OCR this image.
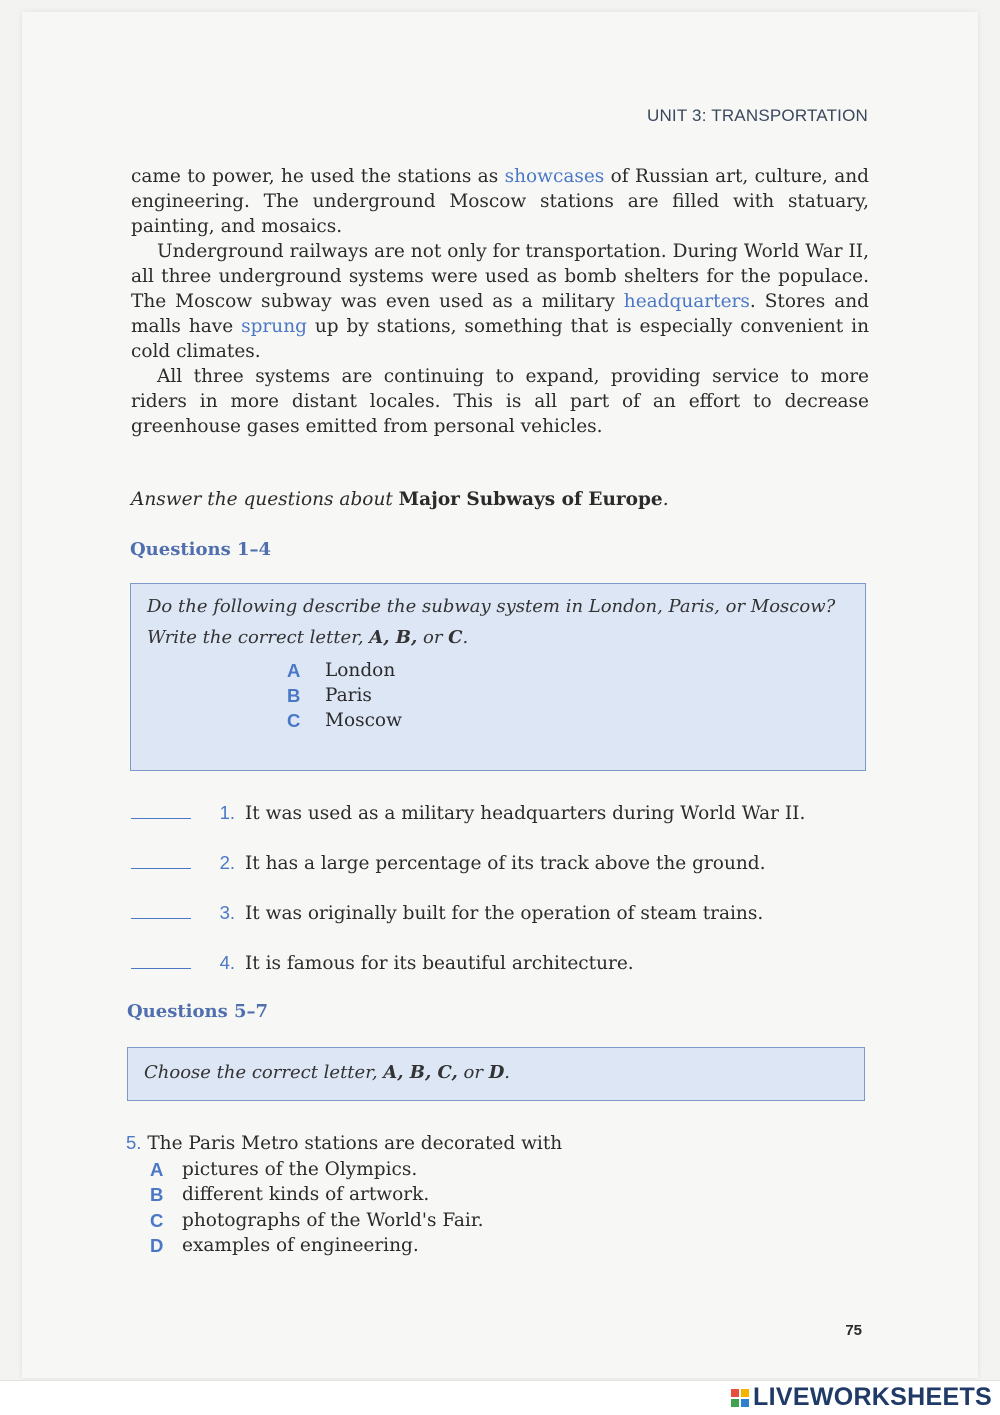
UNIT 3: TRANSPORTATION

came to power, he used the stations as showcases of Russian art, culture, and engineering. The underground Moscow stations are filled with statuary, painting, and mosaics.

Underground railways are not only for transportation. During World War II, all three underground systems were used as bomb shelters for the populace. The Moscow subway was even used as a military headquarters. Stores and malls have sprung up by stations, something that is especially convenient in cold climates.

All three systems are continuing to expand, providing service to more riders in more distant locales. This is all part of an effort to decrease greenhouse gases emitted from personal vehicles.

Answer the questions about Major Subways of Europe.
Questions 1–4
Do the following describe the subway system in London, Paris, or Moscow?
Write the correct letter, A, B, or C.
A	London
B	Paris
C	Moscow
1. It was used as a military headquarters during World War II.
2. It has a large percentage of its track above the ground.
3. It was originally built for the operation of steam trains.
4. It is famous for its beautiful architecture.
Questions 5–7
Choose the correct letter, A, B, C, or D.
5. The Paris Metro stations are decorated with
A	pictures of the Olympics.
B	different kinds of artwork.
C	photographs of the World's Fair.
D	examples of engineering.
75
LIVEWORKSHEETS
